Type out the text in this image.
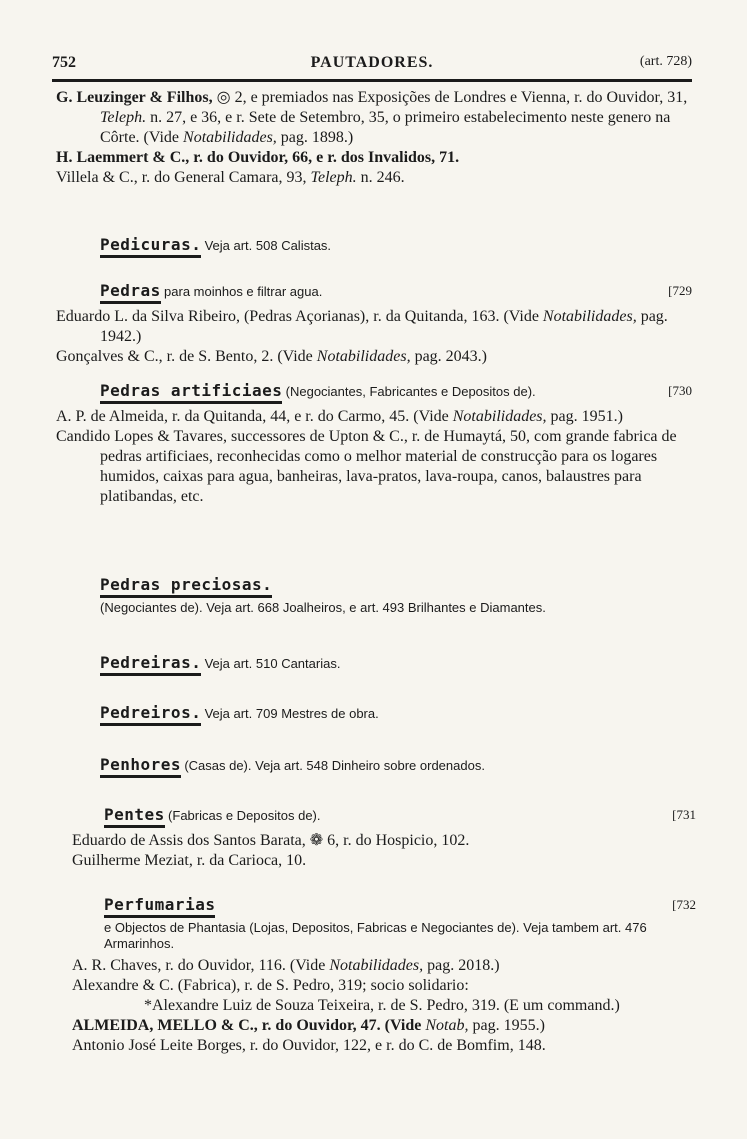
752	PAUTADORES.	(art. 728)

G. Leuzinger & Filhos, ◎ 2, e premiados nas Exposições de Londres e Vienna, r. do Ouvidor, 31, Teleph. n. 27, e 36, e r. Sete de Setembro, 35, o primeiro estabelecimento neste genero na Côrte. (Vide Notabilidades, pag. 1898.)

H. Laemmert & C., r. do Ouvidor, 66, e r. dos Invalidos, 71.

Villela & C., r. do General Camara, 93, Teleph. n. 246.

Pedicuras. Veja art. 508 Calistas.

Pedras para moinhos e filtrar agua.	[729

Eduardo L. da Silva Ribeiro, (Pedras Açorianas), r. da Quitanda, 163. (Vide Notabilidades, pag. 1942.)

Gonçalves & C., r. de S. Bento, 2. (Vide Notabilidades, pag. 2043.)

Pedras artificiaes (Negociantes, Fabricantes e Depositos de).	[730

A. P. de Almeida, r. da Quitanda, 44, e r. do Carmo, 45. (Vide Notabilidades, pag. 1951.)

Candido Lopes & Tavares, successores de Upton & C., r. de Humaytá, 50, com grande fabrica de pedras artificiaes, reconhecidas como o melhor material de construcção para os logares humidos, caixas para agua, banheiras, lava-pratos, lava-roupa, canos, balaustres para platibandas, etc.

Pedras preciosas.

(Negociantes de). Veja art. 668 Joalheiros, e art. 493 Brilhantes e Diamantes.

Pedreiras. Veja art. 510 Cantarias.

Pedreiros. Veja art. 709 Mestres de obra.

Penhores (Casas de). Veja art. 548 Dinheiro sobre ordenados.

Pentes (Fabricas e Depositos de).	[731

Eduardo de Assis dos Santos Barata, ❁ 6, r. do Hospicio, 102.

Guilherme Meziat, r. da Carioca, 10.

Perfumarias	[732

e Objectos de Phantasia (Lojas, Depositos, Fabricas e Negociantes de). Veja tambem art. 476 Armarinhos.

A. R. Chaves, r. do Ouvidor, 116. (Vide Notabilidades, pag. 2018.)

Alexandre & C. (Fabrica), r. de S. Pedro, 319; socio solidario:

*Alexandre Luiz de Souza Teixeira, r. de S. Pedro, 319. (E um command.)

ALMEIDA, MELLO & C., r. do Ouvidor, 47. (Vide Notab, pag. 1955.)

Antonio José Leite Borges, r. do Ouvidor, 122, e r. do C. de Bomfim, 148.
